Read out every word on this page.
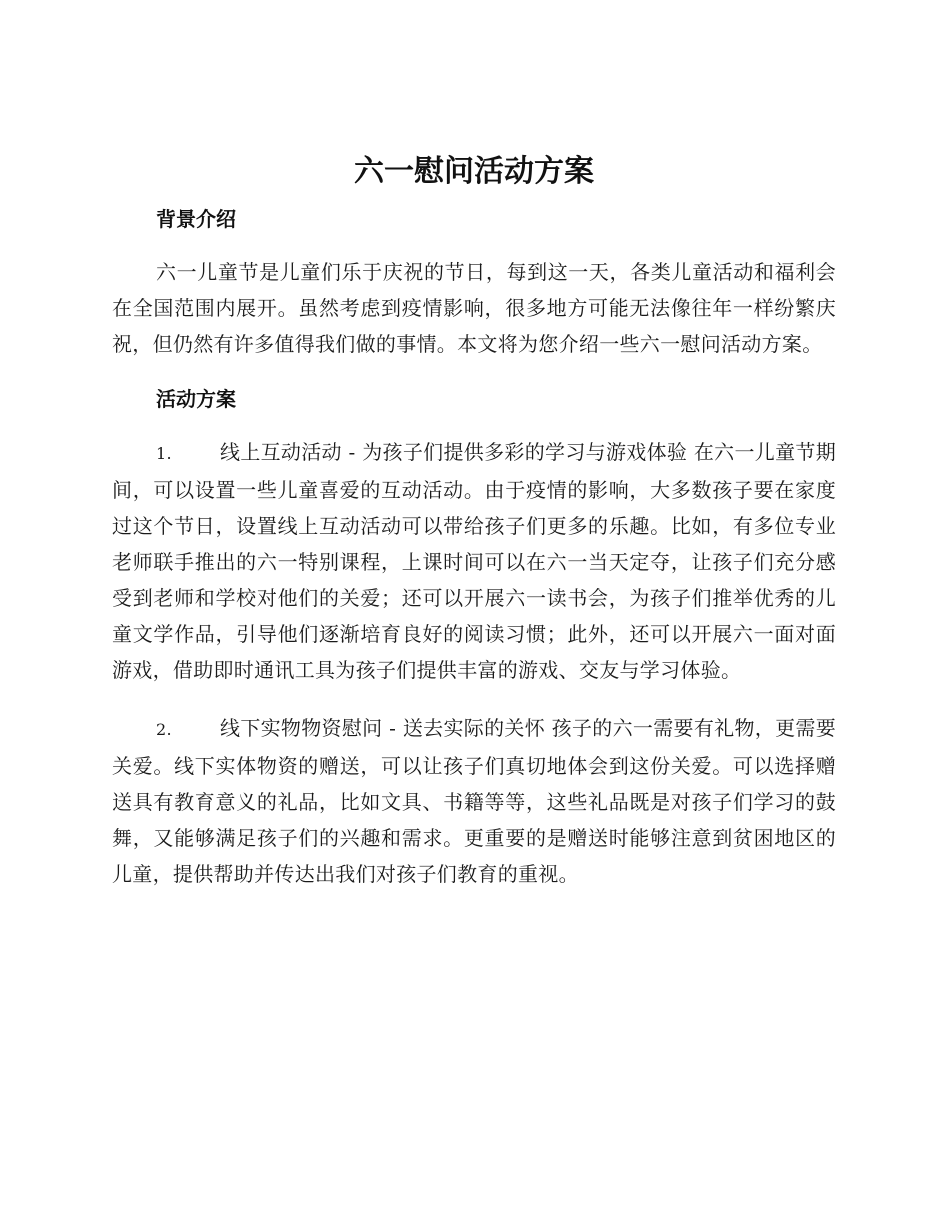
六一慰问活动方案
背景介绍

六一儿童节是儿童们乐于庆祝的节日，每到这一天，各类儿童活动和福利会在全国范围内展开。虽然考虑到疫情影响，很多地方可能无法像往年一样纷繁庆祝，但仍然有许多值得我们做的事情。本文将为您介绍一些六一慰问活动方案。

活动方案

1. 线上互动活动 - 为孩子们提供多彩的学习与游戏体验 在六一儿童节期间，可以设置一些儿童喜爱的互动活动。由于疫情的影响，大多数孩子要在家度过这个节日，设置线上互动活动可以带给孩子们更多的乐趣。比如，有多位专业老师联手推出的六一特别课程，上课时间可以在六一当天定夺，让孩子们充分感受到老师和学校对他们的关爱；还可以开展六一读书会，为孩子们推举优秀的儿童文学作品，引导他们逐渐培育良好的阅读习惯；此外，还可以开展六一面对面游戏，借助即时通讯工具为孩子们提供丰富的游戏、交友与学习体验。

2. 线下实物物资慰问 - 送去实际的关怀 孩子的六一需要有礼物，更需要关爱。线下实体物资的赠送，可以让孩子们真切地体会到这份关爱。可以选择赠送具有教育意义的礼品，比如文具、书籍等等，这些礼品既是对孩子们学习的鼓舞，又能够满足孩子们的兴趣和需求。更重要的是赠送时能够注意到贫困地区的儿童，提供帮助并传达出我们对孩子们教育的重视。
